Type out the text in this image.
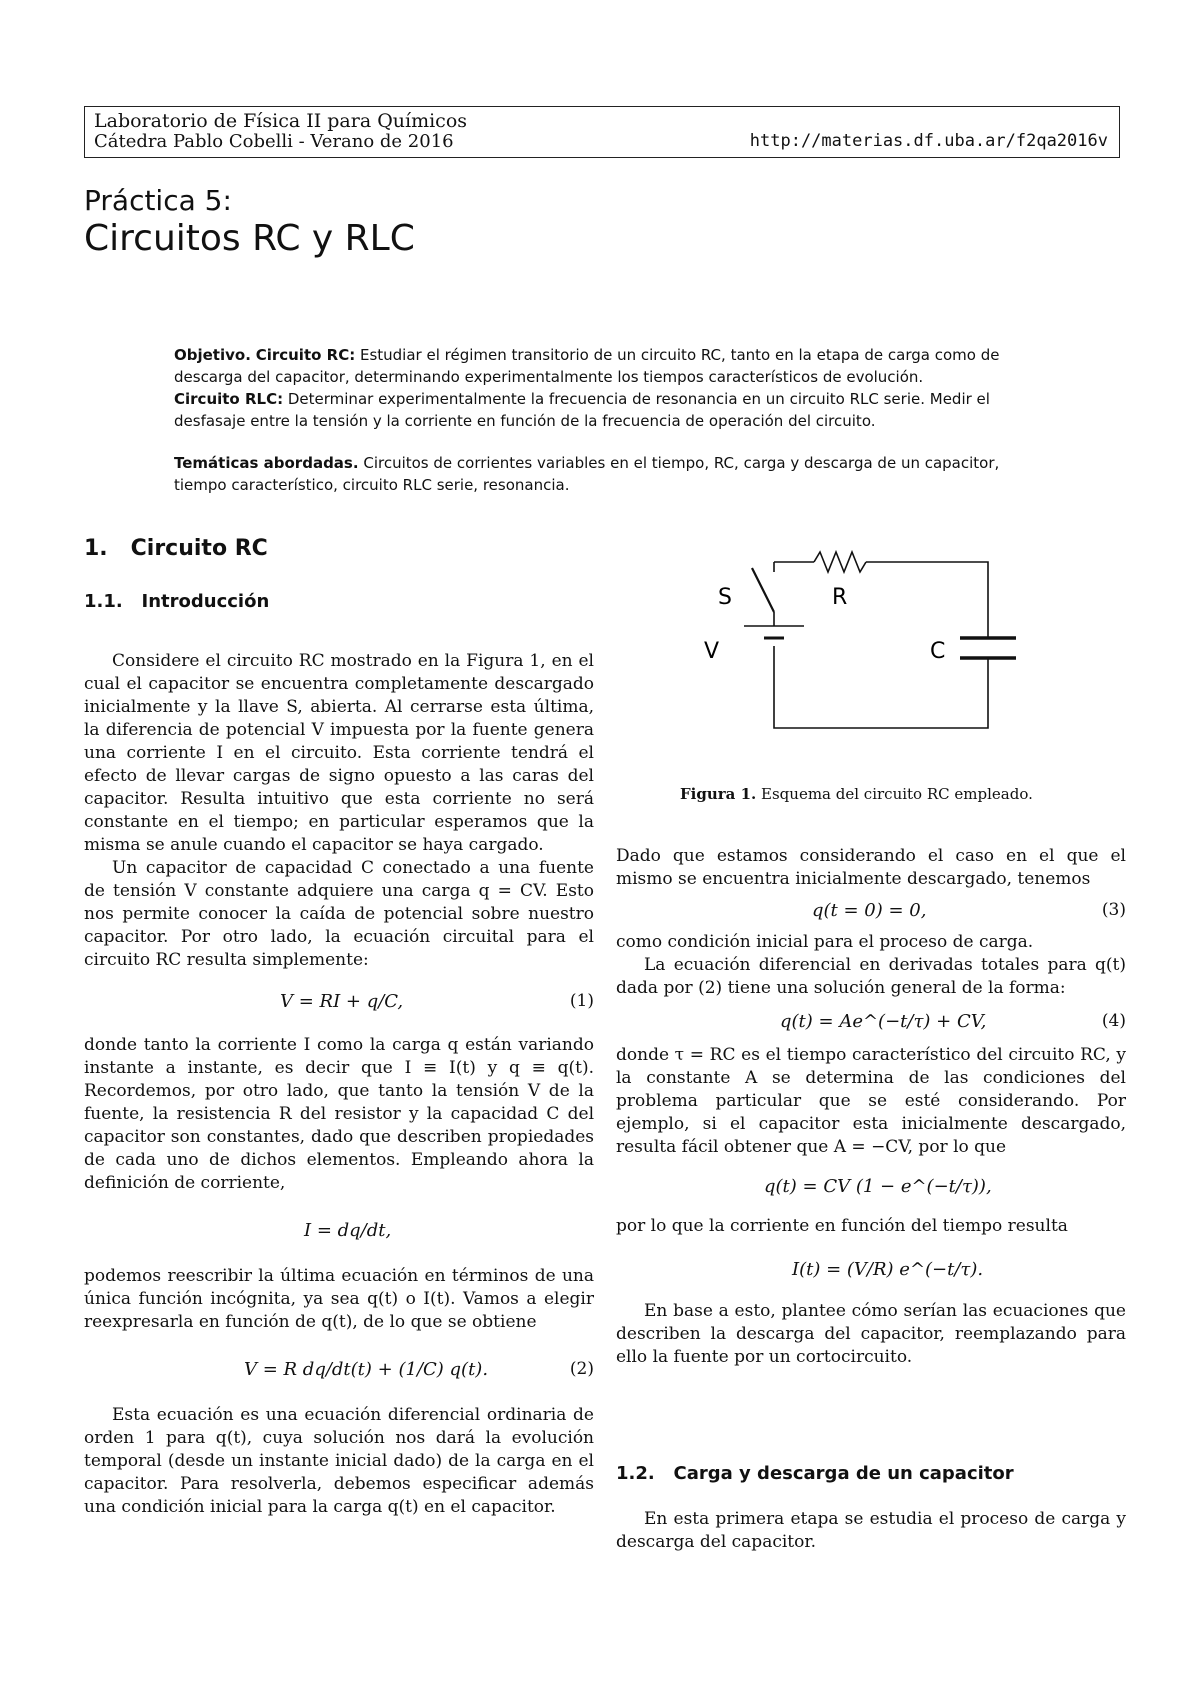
Laboratorio de Física II para Químicos
Cátedra Pablo Cobelli - Verano de 2016	http://materias.df.uba.ar/f2qa2016v
Práctica 5:
Circuitos RC y RLC

Objetivo. Circuito RC: Estudiar el régimen transitorio de un circuito RC, tanto en la etapa de carga como de descarga del capacitor, determinando experimentalmente los tiempos característicos de evolución.
Circuito RLC: Determinar experimentalmente la frecuencia de resonancia en un circuito RLC serie. Medir el desfasaje entre la tensión y la corriente en función de la frecuencia de operación del circuito.

Temáticas abordadas. Circuitos de corrientes variables en el tiempo, RC, carga y descarga de un capacitor, tiempo característico, circuito RLC serie, resonancia.

1.   Circuito RC
1.1.   Introducción

Considere el circuito RC mostrado en la Figura 1, en el cual el capacitor se encuentra completamente descargado inicialmente y la llave S, abierta. Al cerrarse esta última, la diferencia de potencial V impuesta por la fuente genera una corriente I en el circuito. Esta corriente tendrá el efecto de llevar cargas de signo opuesto a las caras del capacitor. Resulta intuitivo que esta corriente no será constante en el tiempo; en particular esperamos que la misma se anule cuando el capacitor se haya cargado.

Un capacitor de capacidad C conectado a una fuente de tensión V constante adquiere una carga q = CV. Esto nos permite conocer la caída de potencial sobre nuestro capacitor. Por otro lado, la ecuación circuital para el circuito RC resulta simplemente:

V = RI + q/C,	(1)

donde tanto la corriente I como la carga q están variando instante a instante, es decir que I ≡ I(t) y q ≡ q(t). Recordemos, por otro lado, que tanto la tensión V de la fuente, la resistencia R del resistor y la capacidad C del capacitor son constantes, dado que describen propiedades de cada uno de dichos elementos. Empleando ahora la definición de corriente,

I = dq/dt,

podemos reescribir la última ecuación en términos de una única función incógnita, ya sea q(t) o I(t). Vamos a elegir reexpresarla en función de q(t), de lo que se obtiene

V = R dq/dt(t) + (1/C) q(t).	(2)

Esta ecuación es una ecuación diferencial ordinaria de orden 1 para q(t), cuya solución nos dará la evolución temporal (desde un instante inicial dado) de la carga en el capacitor. Para resolverla, debemos especificar además una condición inicial para la carga q(t) en el capacitor.

S	R
V	C
Figura 1. Esquema del circuito RC empleado.

Dado que estamos considerando el caso en el que el mismo se encuentra inicialmente descargado, tenemos

q(t = 0) = 0,	(3)

como condición inicial para el proceso de carga.

La ecuación diferencial en derivadas totales para q(t) dada por (2) tiene una solución general de la forma:

q(t) = Ae^(−t/τ) + CV,	(4)

donde τ = RC es el tiempo característico del circuito RC, y la constante A se determina de las condiciones del problema particular que se esté considerando. Por ejemplo, si el capacitor esta inicialmente descargado, resulta fácil obtener que A = −CV, por lo que

q(t) = CV (1 − e^(−t/τ)),

por lo que la corriente en función del tiempo resulta

I(t) = (V/R) e^(−t/τ).

En base a esto, plantee cómo serían las ecuaciones que describen la descarga del capacitor, reemplazando para ello la fuente por un cortocircuito.

1.2.   Carga y descarga de un capacitor

En esta primera etapa se estudia el proceso de carga y descarga del capacitor.
